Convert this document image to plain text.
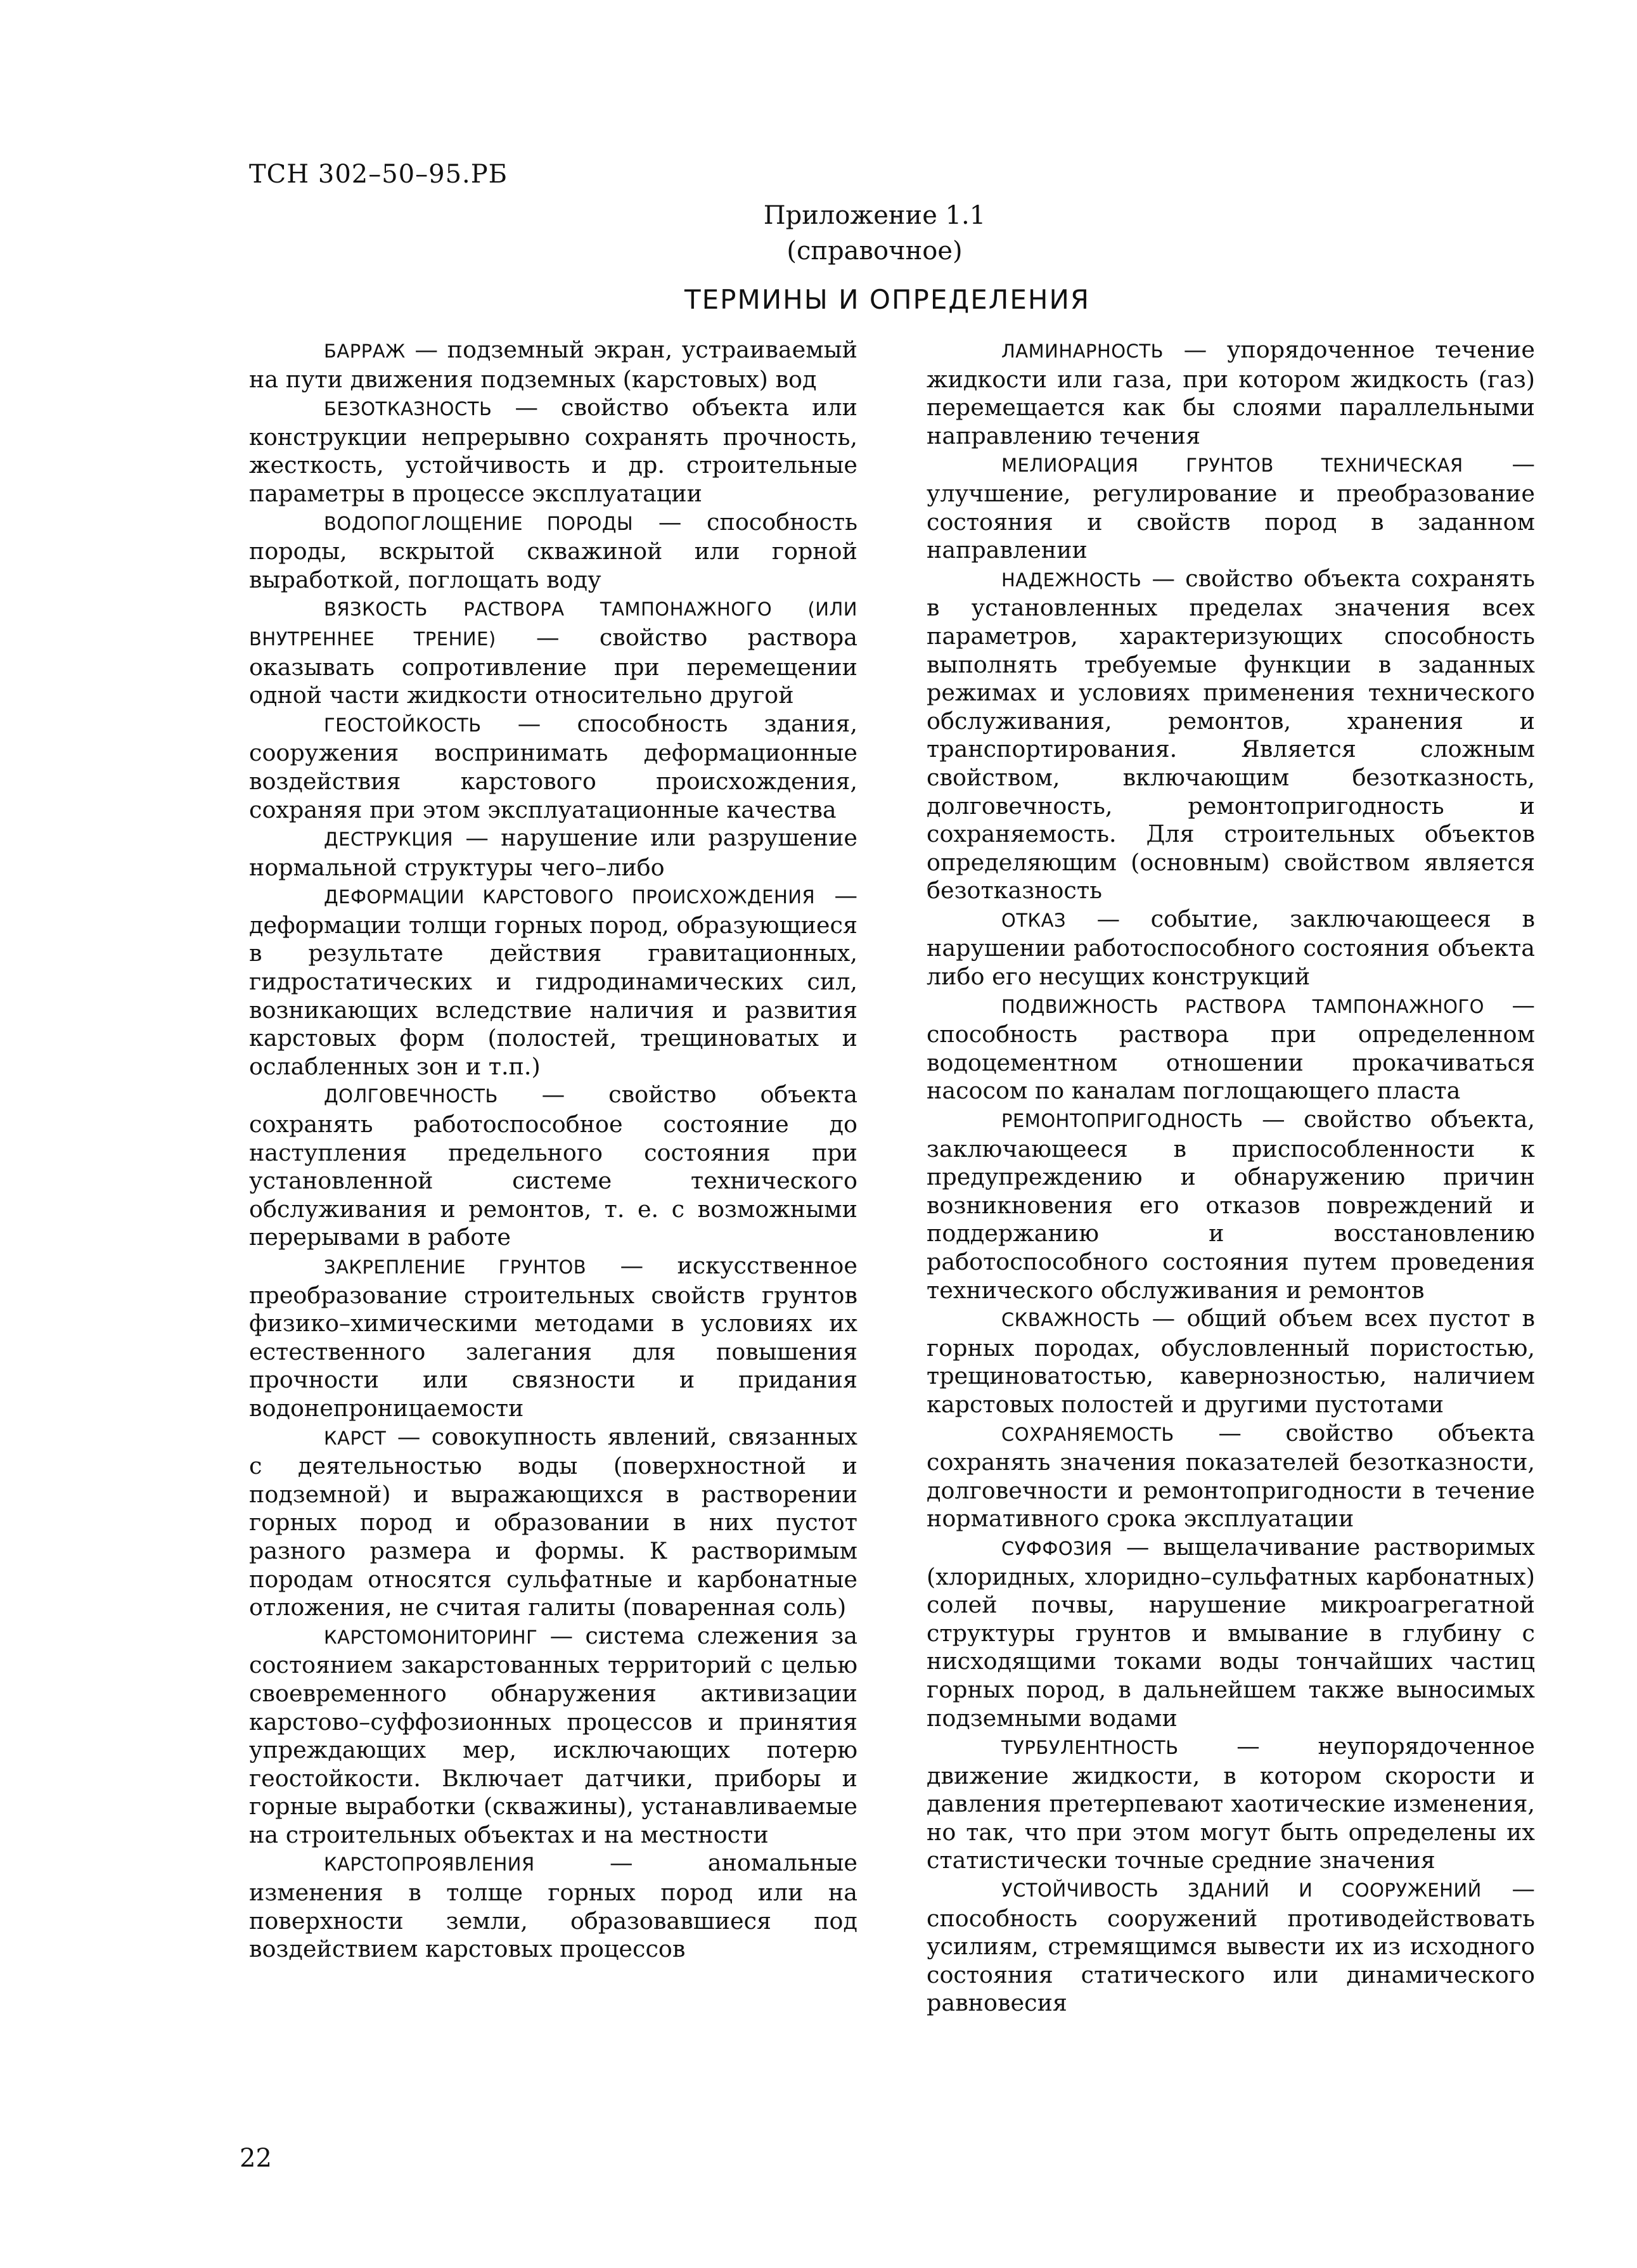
ТСН 302–50–95.РБ
Приложение 1.1
(справочное)
ТЕРМИНЫ И ОПРЕДЕЛЕНИЯ
БАРРАЖ — подземный экран, устраиваемый на пути движения подземных (карстовых) вод
БЕЗОТКАЗНОСТЬ — свойство объекта или конструкции непрерывно сохранять прочность, жесткость, устойчивость и др. строительные параметры в процессе эксплуатации
ВОДОПОГЛОЩЕНИЕ ПОРОДЫ — способность породы, вскрытой скважиной или горной выработкой, поглощать воду
ВЯЗКОСТЬ РАСТВОРА ТАМПОНАЖНОГО (ИЛИ ВНУТРЕННЕЕ ТРЕНИЕ) — свойство раствора оказывать сопротивление при перемещении одной части жидкости относительно другой
ГЕОСТОЙКОСТЬ — способность здания, сооружения воспринимать деформационные воздействия карстового происхождения, сохраняя при этом эксплуатационные качества
ДЕСТРУКЦИЯ — нарушение или разрушение нормальной структуры чего–либо
ДЕФОРМАЦИИ КАРСТОВОГО ПРОИСХОЖДЕНИЯ — деформации толщи горных пород, образующиеся в результате действия гравитационных, гидростатических и гидродинамических сил, возникающих вследствие наличия и развития карстовых форм (полостей, трещиноватых и ослабленных зон и т.п.)
ДОЛГОВЕЧНОСТЬ — свойство объекта сохранять работоспособное состояние до наступления предельного состояния при установленной системе технического обслуживания и ремонтов, т. е. с возможными перерывами в работе
ЗАКРЕПЛЕНИЕ ГРУНТОВ — искусственное преобразование строительных свойств грунтов физико–химическими методами в условиях их естественного залегания для повышения прочности или связности и придания водонепроницаемости
КАРСТ — совокупность явлений, связанных с деятельностью воды (поверхностной и подземной) и выражающихся в растворении горных пород и образовании в них пустот разного размера и формы. К растворимым породам относятся сульфатные и карбонатные отложения, не считая галиты (поваренная соль)
КАРСТОМОНИТОРИНГ — система слежения за состоянием закарстованных территорий с целью своевременного обнаружения активизации карстово–суффозионных процессов и принятия упреждающих мер, исключающих потерю геостойкости. Включает датчики, приборы и горные выработки (скважины), устанавливаемые на строительных объектах и на местности
КАРСТОПРОЯВЛЕНИЯ — аномальные изменения в толще горных пород или на поверхности земли, образовавшиеся под воздействием карстовых процессов
ЛАМИНАРНОСТЬ — упорядоченное течение жидкости или газа, при котором жидкость (газ) перемещается как бы слоями параллельными направлению течения
МЕЛИОРАЦИЯ ГРУНТОВ ТЕХНИЧЕСКАЯ — улучшение, регулирование и преобразование состояния и свойств пород в заданном направлении
НАДЕЖНОСТЬ — свойство объекта сохранять в установленных пределах значения всех параметров, характеризующих способность выполнять требуемые функции в заданных режимах и условиях применения технического обслуживания, ремонтов, хранения и транспортирования. Является сложным свойством, включающим безотказность, долговечность, ремонтопригодность и сохраняемость. Для строительных объектов определяющим (основным) свойством является безотказность
ОТКАЗ — событие, заключающееся в нарушении работоспособного состояния объекта либо его несущих конструкций
ПОДВИЖНОСТЬ РАСТВОРА ТАМПОНАЖНОГО — способность раствора при определенном водоцементном отношении прокачиваться насосом по каналам поглощающего пласта
РЕМОНТОПРИГОДНОСТЬ — свойство объекта, заключающееся в приспособленности к предупреждению и обнаружению причин возникновения его отказов повреждений и поддержанию и восстановлению работоспособного состояния путем проведения технического обслуживания и ремонтов
СКВАЖНОСТЬ — общий объем всех пустот в горных породах, обусловленный пористостью, трещиноватостью, кавернозностью, наличием карстовых полостей и другими пустотами
СОХРАНЯЕМОСТЬ — свойство объекта сохранять значения показателей безотказности, долговечности и ремонтопригодности в течение нормативного срока эксплуатации
СУФФОЗИЯ — выщелачивание растворимых (хлоридных, хлоридно–сульфатных карбонатных) солей почвы, нарушение микроагрегатной структуры грунтов и вмывание в глубину с нисходящими токами воды тончайших частиц горных пород, в дальнейшем также выносимых подземными водами
ТУРБУЛЕНТНОСТЬ — неупорядоченное движение жидкости, в котором скорости и давления претерпевают хаотические изменения, но так, что при этом могут быть определены их статистически точные средние значения
УСТОЙЧИВОСТЬ ЗДАНИЙ И СООРУЖЕНИЙ — способность сооружений противодействовать усилиям, стремящимся вывести их из исходного состояния статического или динамического равновесия
22
